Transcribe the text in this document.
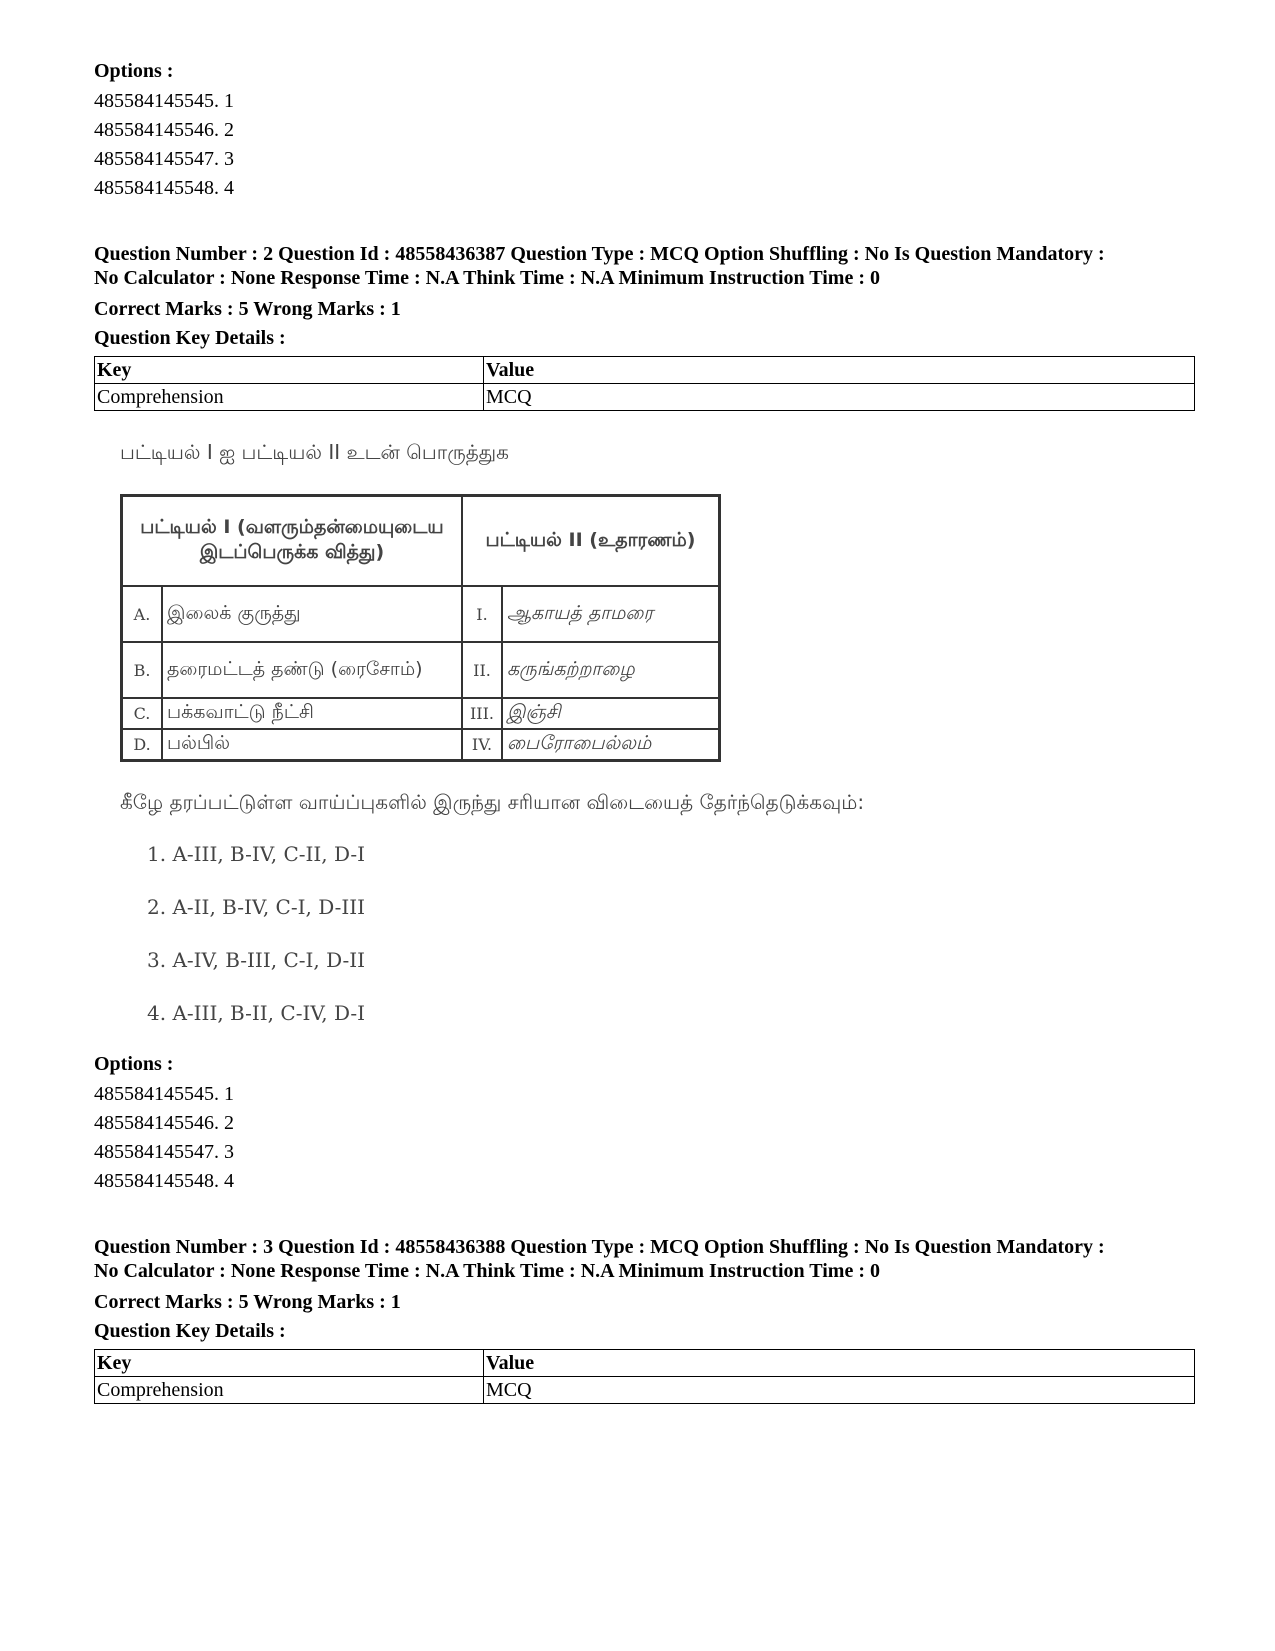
Options :
485584145545. 1
485584145546. 2
485584145547. 3
485584145548. 4
Question Number : 2 Question Id : 48558436387 Question Type : MCQ Option Shuffling : No Is Question Mandatory :
No Calculator : None Response Time : N.A Think Time : N.A Minimum Instruction Time : 0
Correct Marks : 5 Wrong Marks : 1
Question Key Details :
Key	Value
Comprehension	MCQ
பட்டியல் I ஐ பட்டியல் II உடன் பொருத்துக
பட்டியல் I (வளரும்தன்மையுடைய இடப்பெருக்க வித்து)		பட்டியல் II (உதாரணம்)	
A.	இலைக் குருத்து	I.	ஆகாயத் தாமரை
B.	தரைமட்டத் தண்டு (ரைசோம்)	II.	கருங்கற்றாழை
C.	பக்கவாட்டு நீட்சி	III.	இஞ்சி
D.	பல்பில்	IV.	பைரோபைல்லம்
கீழே தரப்பட்டுள்ள வாய்ப்புகளில் இருந்து சரியான விடையைத் தேர்ந்தெடுக்கவும்:
1. A-III, B-IV, C-II, D-I
2. A-II, B-IV, C-I, D-III
3. A-IV, B-III, C-I, D-II
4. A-III, B-II, C-IV, D-I
Options :
485584145545. 1
485584145546. 2
485584145547. 3
485584145548. 4
Question Number : 3 Question Id : 48558436388 Question Type : MCQ Option Shuffling : No Is Question Mandatory :
No Calculator : None Response Time : N.A Think Time : N.A Minimum Instruction Time : 0
Correct Marks : 5 Wrong Marks : 1
Question Key Details :
Key	Value
Comprehension	MCQ
